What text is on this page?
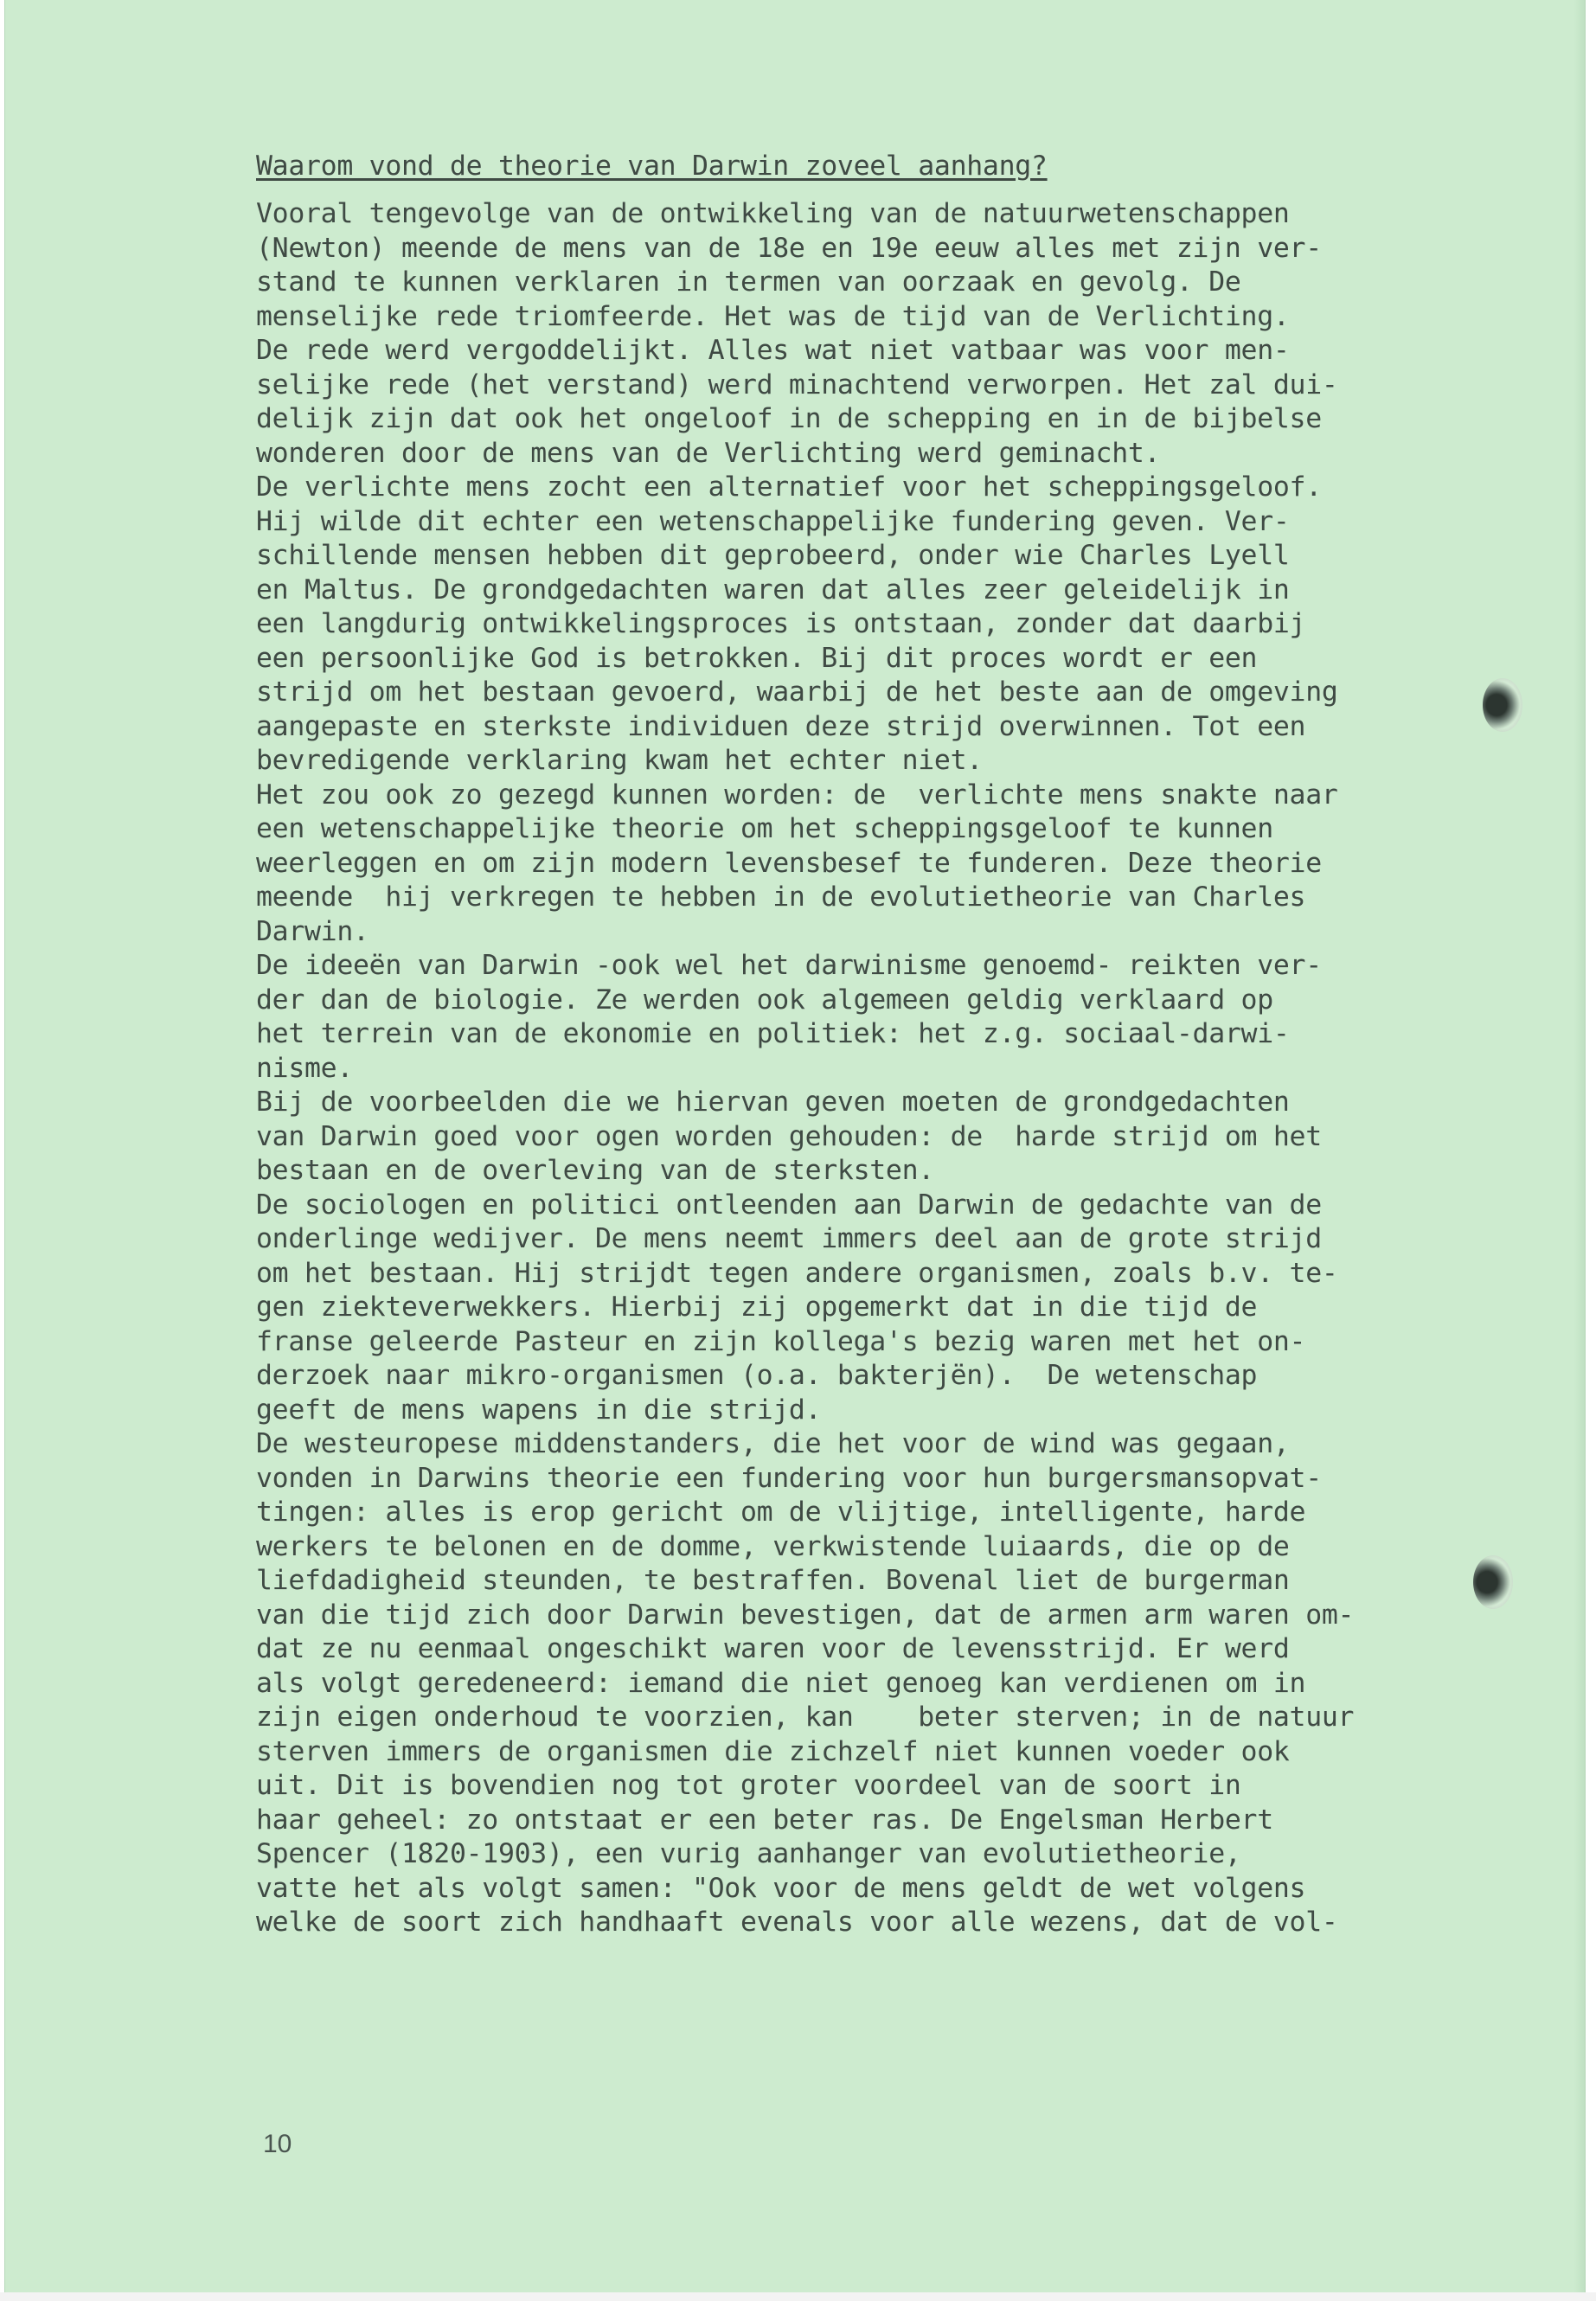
Waarom vond de theorie van Darwin zoveel aanhang?
Vooral tengevolge van de ontwikkeling van de natuurwetenschappen
(Newton) meende de mens van de 18e en 19e eeuw alles met zijn ver-
stand te kunnen verklaren in termen van oorzaak en gevolg. De
menselijke rede triomfeerde. Het was de tijd van de Verlichting.
De rede werd vergoddelijkt. Alles wat niet vatbaar was voor men-
selijke rede (het verstand) werd minachtend verworpen. Het zal dui-
delijk zijn dat ook het ongeloof in de schepping en in de bijbelse
wonderen door de mens van de Verlichting werd geminacht.
De verlichte mens zocht een alternatief voor het scheppingsgeloof.
Hij wilde dit echter een wetenschappelijke fundering geven. Ver-
schillende mensen hebben dit geprobeerd, onder wie Charles Lyell
en Maltus. De grondgedachten waren dat alles zeer geleidelijk in
een langdurig ontwikkelingsproces is ontstaan, zonder dat daarbij
een persoonlijke God is betrokken. Bij dit proces wordt er een
strijd om het bestaan gevoerd, waarbij de het beste aan de omgeving
aangepaste en sterkste individuen deze strijd overwinnen. Tot een
bevredigende verklaring kwam het echter niet.
Het zou ook zo gezegd kunnen worden: de  verlichte mens snakte naar
een wetenschappelijke theorie om het scheppingsgeloof te kunnen
weerleggen en om zijn modern levensbesef te funderen. Deze theorie
meende  hij verkregen te hebben in de evolutietheorie van Charles
Darwin.
De ideeën van Darwin -ook wel het darwinisme genoemd- reikten ver-
der dan de biologie. Ze werden ook algemeen geldig verklaard op
het terrein van de ekonomie en politiek: het z.g. sociaal-darwi-
nisme.
Bij de voorbeelden die we hiervan geven moeten de grondgedachten
van Darwin goed voor ogen worden gehouden: de  harde strijd om het
bestaan en de overleving van de sterksten.
De sociologen en politici ontleenden aan Darwin de gedachte van de
onderlinge wedijver. De mens neemt immers deel aan de grote strijd
om het bestaan. Hij strijdt tegen andere organismen, zoals b.v. te-
gen ziekteverwekkers. Hierbij zij opgemerkt dat in die tijd de
franse geleerde Pasteur en zijn kollega's bezig waren met het on-
derzoek naar mikro-organismen (o.a. bakterjën).  De wetenschap
geeft de mens wapens in die strijd.
De westeuropese middenstanders, die het voor de wind was gegaan,
vonden in Darwins theorie een fundering voor hun burgersmansopvat-
tingen: alles is erop gericht om de vlijtige, intelligente, harde
werkers te belonen en de domme, verkwistende luiaards, die op de
liefdadigheid steunden, te bestraffen. Bovenal liet de burgerman
van die tijd zich door Darwin bevestigen, dat de armen arm waren om-
dat ze nu eenmaal ongeschikt waren voor de levensstrijd. Er werd
als volgt geredeneerd: iemand die niet genoeg kan verdienen om in
zijn eigen onderhoud te voorzien, kan    beter sterven; in de natuur
sterven immers de organismen die zichzelf niet kunnen voeder ook
uit. Dit is bovendien nog tot groter voordeel van de soort in
haar geheel: zo ontstaat er een beter ras. De Engelsman Herbert
Spencer (1820-1903), een vurig aanhanger van evolutietheorie,
vatte het als volgt samen: "Ook voor de mens geldt de wet volgens
welke de soort zich handhaaft evenals voor alle wezens, dat de vol-
10
